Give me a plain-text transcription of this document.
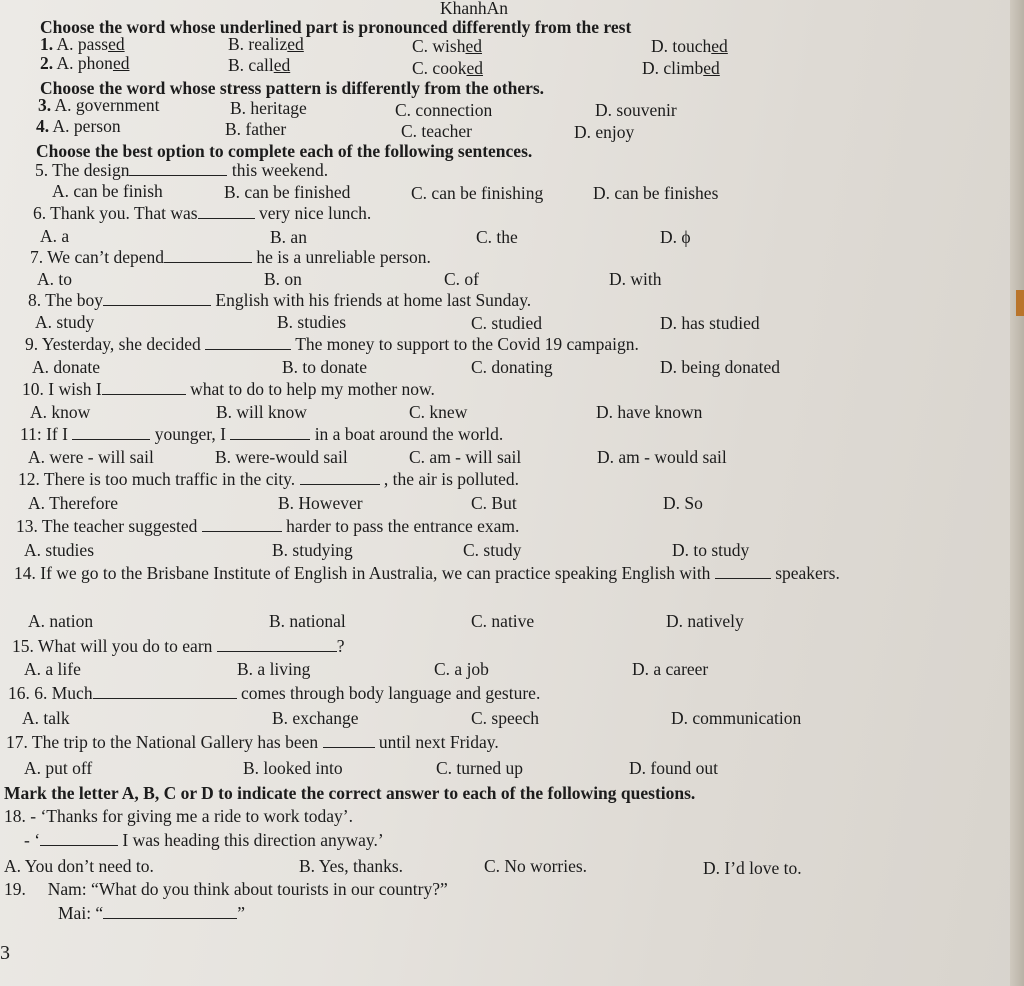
KhanhAn
Choose the word whose underlined part is pronounced differently from the rest
1. A. passed	B. realized	C. wished	D. touched
2. A. phoned	B. called	C. cooked	D. climbed
Choose the word whose stress pattern is differently from the others.
3. A. government	B. heritage	C. connection	D. souvenir
4. A. person	B. father	C. teacher	D. enjoy
Choose the best option to complete each of the following sentences.
5. The design	this weekend.
A. can be finish	B. can be finished	C. can be finishing	D. can be finishes
6. Thank you. That was	very nice lunch.
A. a	B. an	C. the	D. ϕ
7. We can’t depend	he is a unreliable person.
A. to	B. on	C. of	D. with
8. The boy	English with his friends at home last Sunday.
A. study	B. studies	C. studied	D. has studied
9. Yesterday, she decided	The money to support to the Covid 19 campaign.
A. donate	B. to donate	C. donating	D. being donated
10. I wish I	what to do to help my mother now.
A. know	B. will know	C. knew	D. have known
11: If I	younger, I	in a boat around the world.
A. were - will sail	B. were-would sail	C. am - will sail	D. am - would sail
12. There is too much traffic in the city.	, the air is polluted.
A. Therefore	B. However	C. But	D. So
13. The teacher suggested	harder to pass the entrance exam.
A. studies	B. studying	C. study	D. to study
14. If we go to the Brisbane Institute of English in Australia, we can practice speaking English with	speakers.
A. nation	B. national	C. native	D. natively
15. What will you do to earn	?
A. a life	B. a living	C. a job	D. a career
16. 6. Much	comes through body language and gesture.
A. talk	B. exchange	C. speech	D. communication
17. The trip to the National Gallery has been	until next Friday.
A. put off	B. looked into	C. turned up	D. found out
Mark the letter A, B, C or D to indicate the correct answer to each of the following questions.
18. - ‘Thanks for giving me a ride to work today’.
- ‘	I was heading this direction anyway.’
A. You don’t need to.	B. Yes, thanks.	C. No worries.	D. I’d love to.
19. Nam: “What do you think about tourists in our country?”
Mai: “	”
3
